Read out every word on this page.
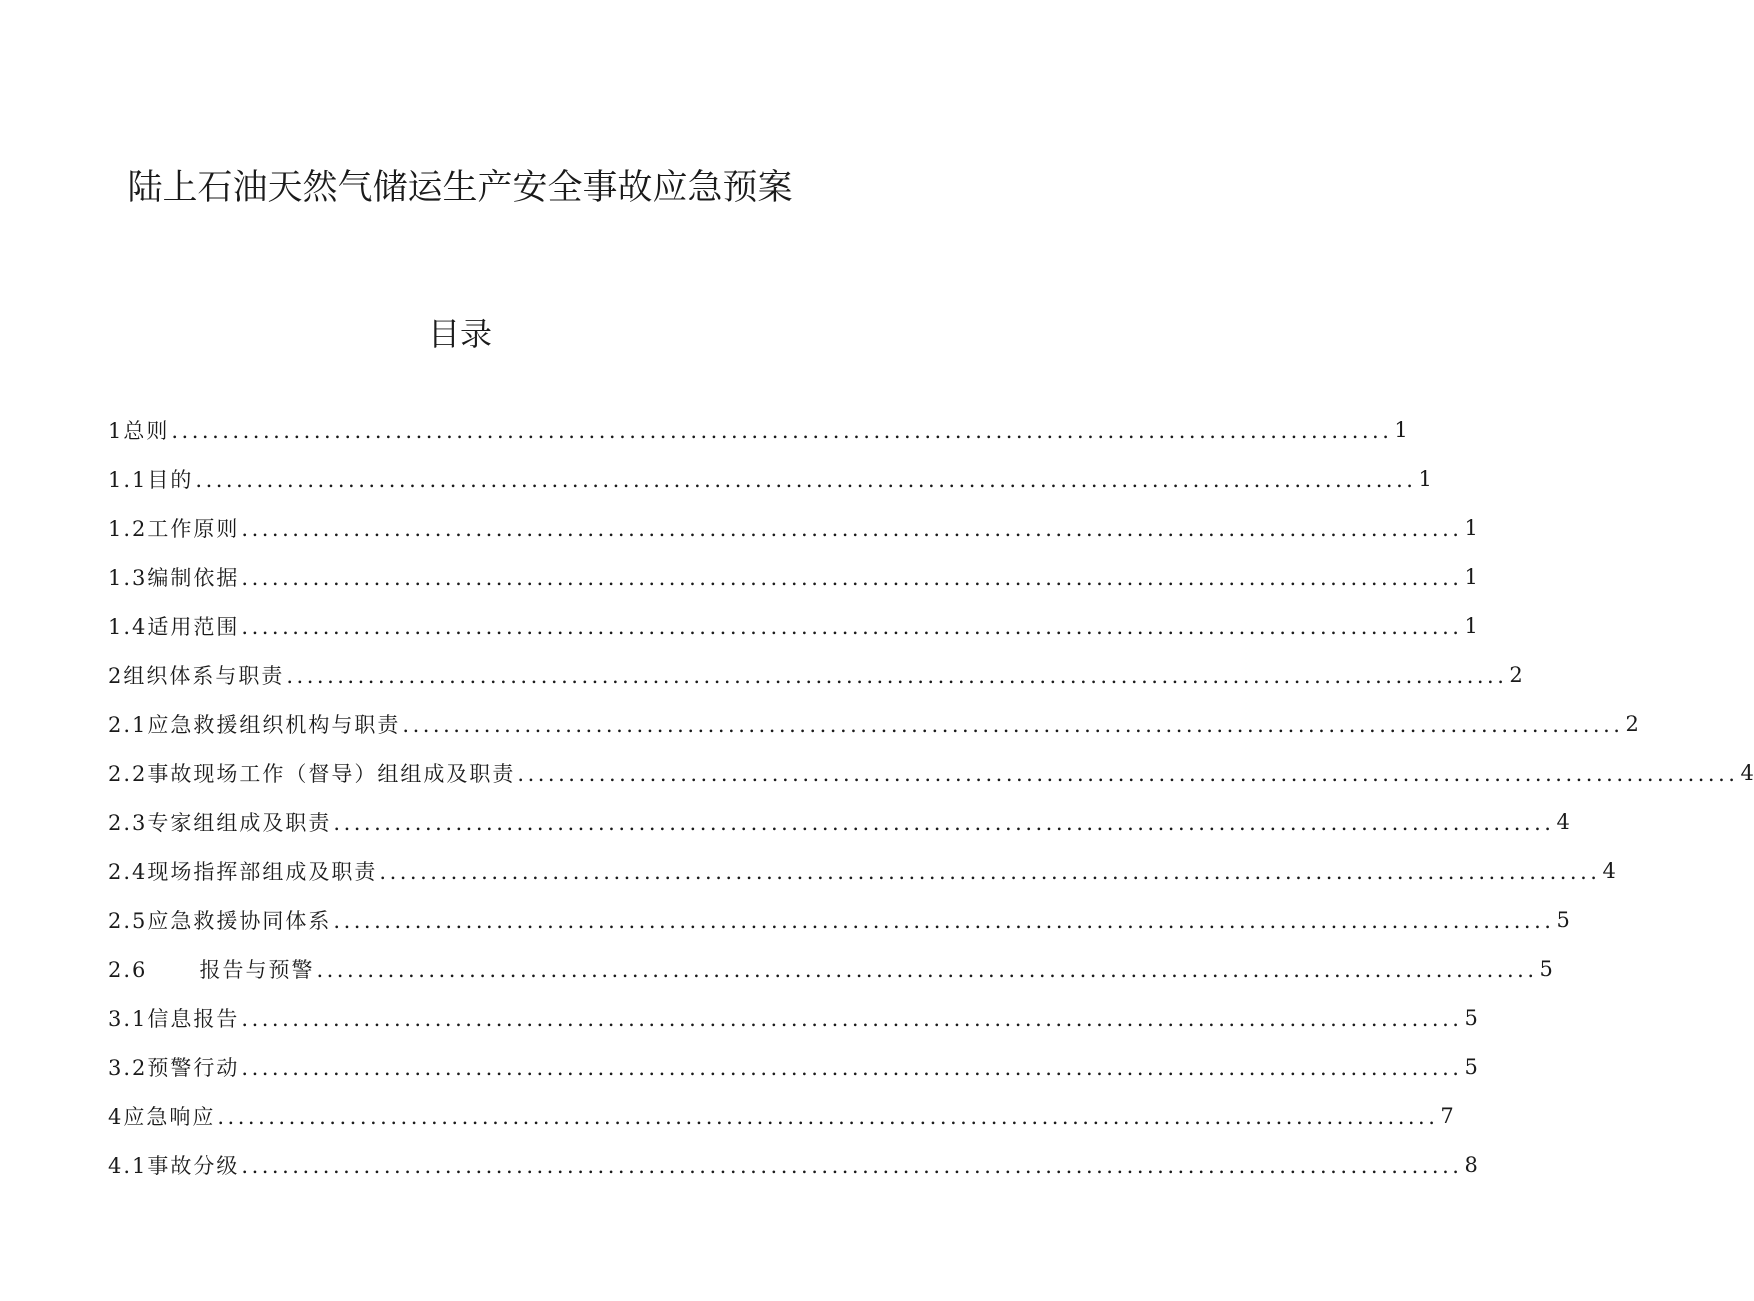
陆上石油天然气储运生产安全事故应急预案
目录
1总则 ........................................................................................................................ 1
1.1目的 ........................................................................................................................ 1
1.2工作原则 ........................................................................................................................ 1
1.3编制依据 ........................................................................................................................ 1
1.4适用范围 ........................................................................................................................ 1
2组织体系与职责 ........................................................................................................................ 2
2.1应急救援组织机构与职责 ........................................................................................................................ 2
2.2事故现场工作（督导）组组成及职责 ........................................................................................................................ 4
2.3专家组组成及职责 ........................................................................................................................ 4
2.4现场指挥部组成及职责 ........................................................................................................................ 4
2.5应急救援协同体系 ........................................................................................................................ 5
2.6      报告与预警 ........................................................................................................................ 5
3.1信息报告 ........................................................................................................................ 5
3.2预警行动 ........................................................................................................................ 5
4应急响应 ........................................................................................................................ 7
4.1事故分级 ........................................................................................................................ 8
